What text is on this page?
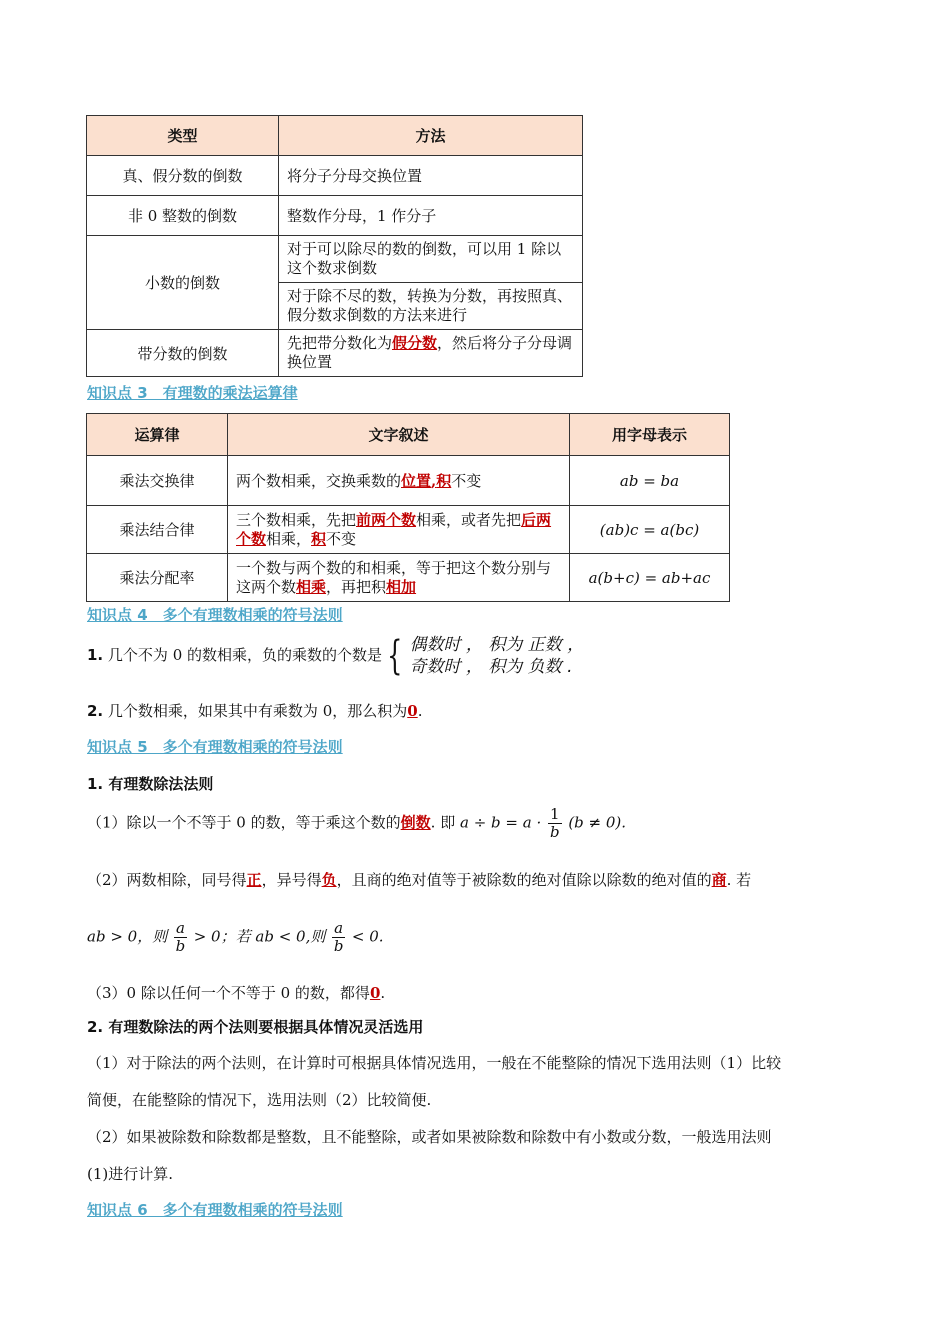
类型	方法
真、假分数的倒数	将分子分母交换位置
非 0 整数的倒数	整数作分母，1 作分子
小数的倒数	对于可以除尽的数的倒数，可以用 1 除以这个数求倒数
	对于除不尽的数，转换为分数，再按照真、假分数求倒数的方法来进行
带分数的倒数	先把带分数化为假分数，然后将分子分母调换位置
知识点 3　有理数的乘法运算律
运算律	文字叙述	用字母表示
乘法交换律	两个数相乘，交换乘数的位置,积不变	ab = ba
乘法结合律	三个数相乘，先把前两个数相乘，或者先把后两个数相乘，积不变	(ab)c = a(bc)
乘法分配率	一个数与两个数的和相乘，等于把这个数分别与这两个数相乘，再把积相加	a(b+c) = ab+ac
知识点 4　多个有理数相乘的符号法则
1. 几个不为 0 的数相乘，负的乘数的个数是 { 偶数时 ， 积为 正数 ，
奇数时 ， 积为 负数 .
2. 几个数相乘，如果其中有乘数为 0，那么积为0.
知识点 5　多个有理数相乘的符号法则
1. 有理数除法法则
（1）除以一个不等于 0 的数，等于乘这个数的倒数. 即 $a \div b = a \cdot \frac{1}{b} (b \ne 0)$.
（2）两数相除，同号得正，异号得负，且商的绝对值等于被除数的绝对值除以除数的绝对值的商. 若
ab > 0，则 $\frac{a}{b} > 0$；若 ab < 0,则 $\frac{a}{b} < 0$.
（3）0 除以任何一个不等于 0 的数，都得0.
2. 有理数除法的两个法则要根据具体情况灵活选用
（1）对于除法的两个法则，在计算时可根据具体情况选用，一般在不能整除的情况下选用法则（1）比较
简便，在能整除的情况下，选用法则（2）比较简便.
（2）如果被除数和除数都是整数，且不能整除，或者如果被除数和除数中有小数或分数，一般选用法则
(1)进行计算.
知识点 6　多个有理数相乘的符号法则
